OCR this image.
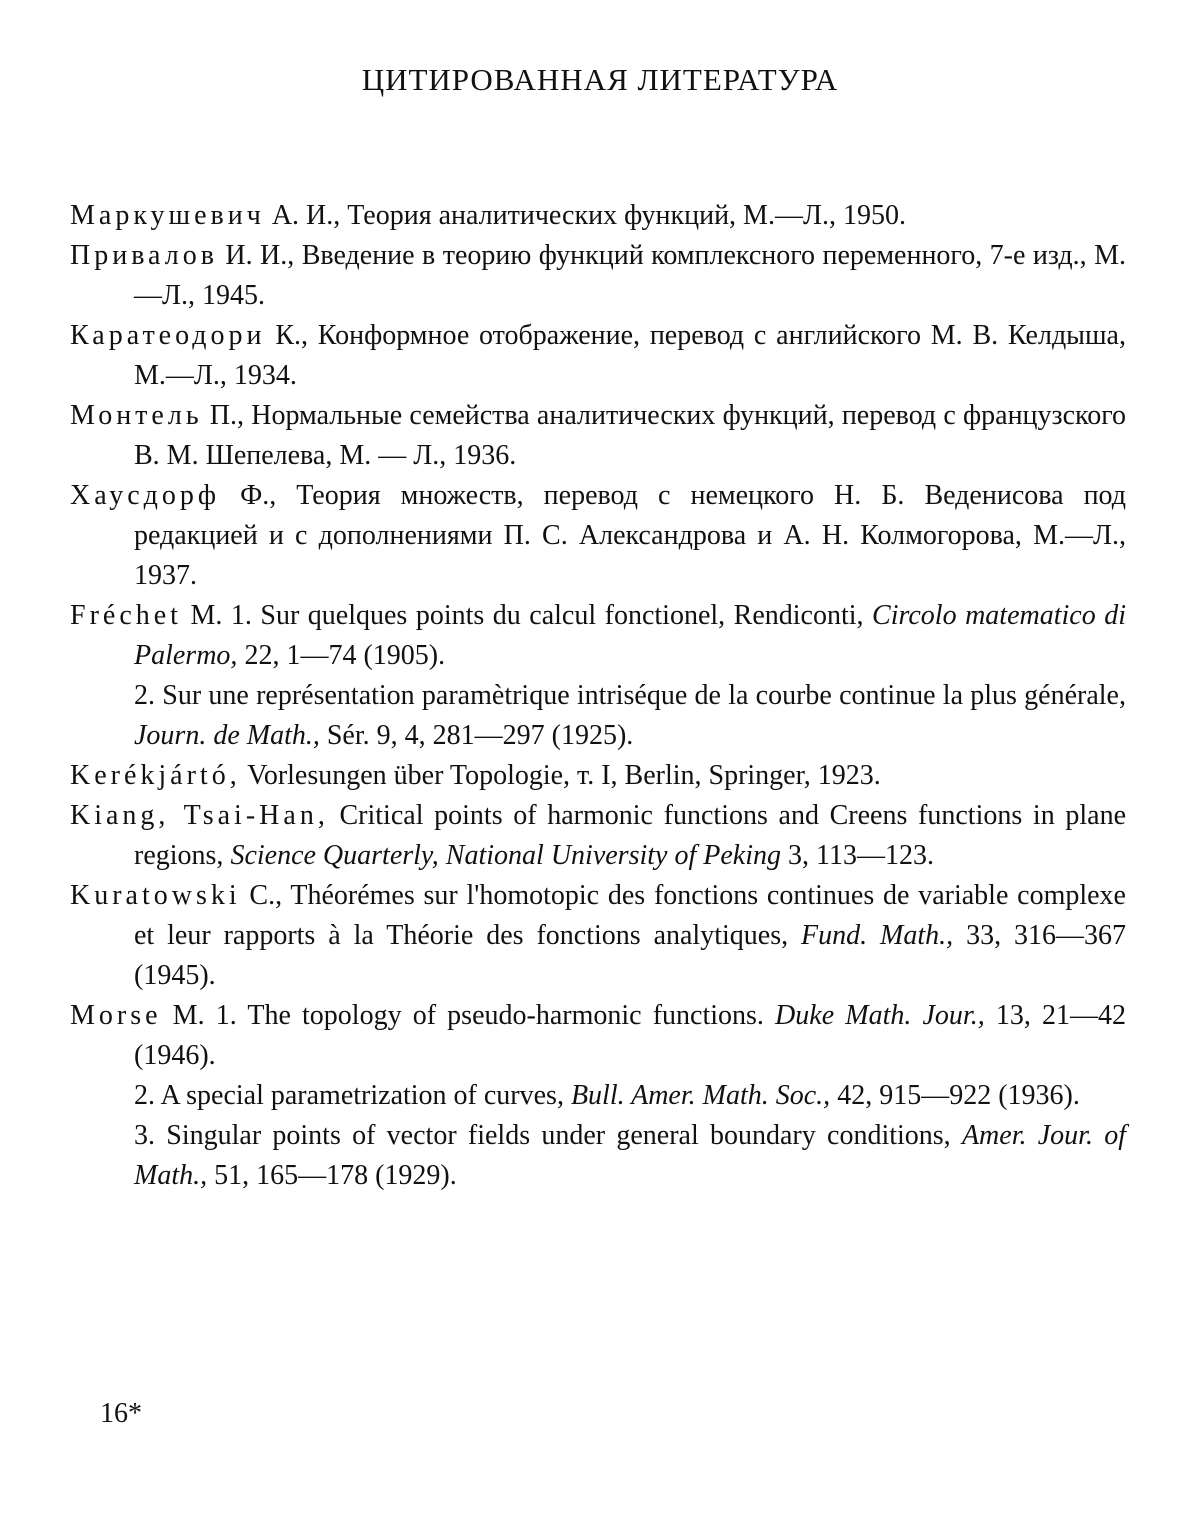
ЦИТИРОВАННАЯ ЛИТЕРАТУРА
Маркушевич А. И., Теория аналитических функций, М.—Л., 1950.
Привалов И. И., Введение в теорию функций комплексного переменного, 7-е изд., М.—Л., 1945.
Каратеодори К., Конформное отображение, перевод с английского М. В. Келдыша, М.—Л., 1934.
Монтель П., Нормальные семейства аналитических функций, перевод с французского В. М. Шепелева, М. — Л., 1936.
Хаусдорф Ф., Теория множеств, перевод с немецкого Н. Б. Веденисова под редакцией и с дополнениями П. С. Александрова и А. Н. Колмогорова, М.—Л., 1937.
Fréchet M. 1. Sur quelques points du calcul fonctionel, Rendiconti, Circolo matematico di Palermo, 22, 1—74 (1905).
2. Sur une représentation paramètrique intriséque de la courbe continue la plus générale, Journ. de Math., Sér. 9, 4, 281—297 (1925).
Kerékjártó, Vorlesungen über Topologie, т. I, Berlin, Springer, 1923.
Kiang, Tsai-Han, Critical points of harmonic functions and Creens functions in plane regions, Science Quarterly, National University of Peking 3, 113—123.
Kuratowski C., Théorémes sur l'homotopic des fonctions continues de variable complexe et leur rapports à la Théorie des fonctions analytiques, Fund. Math., 33, 316—367 (1945).
Morse M. 1. The topology of pseudo-harmonic functions. Duke Math. Jour., 13, 21—42 (1946).
2. A special parametrization of curves, Bull. Amer. Math. Soc., 42, 915—922 (1936).
3. Singular points of vector fields under general boundary conditions, Amer. Jour. of Math., 51, 165—178 (1929).
16*
